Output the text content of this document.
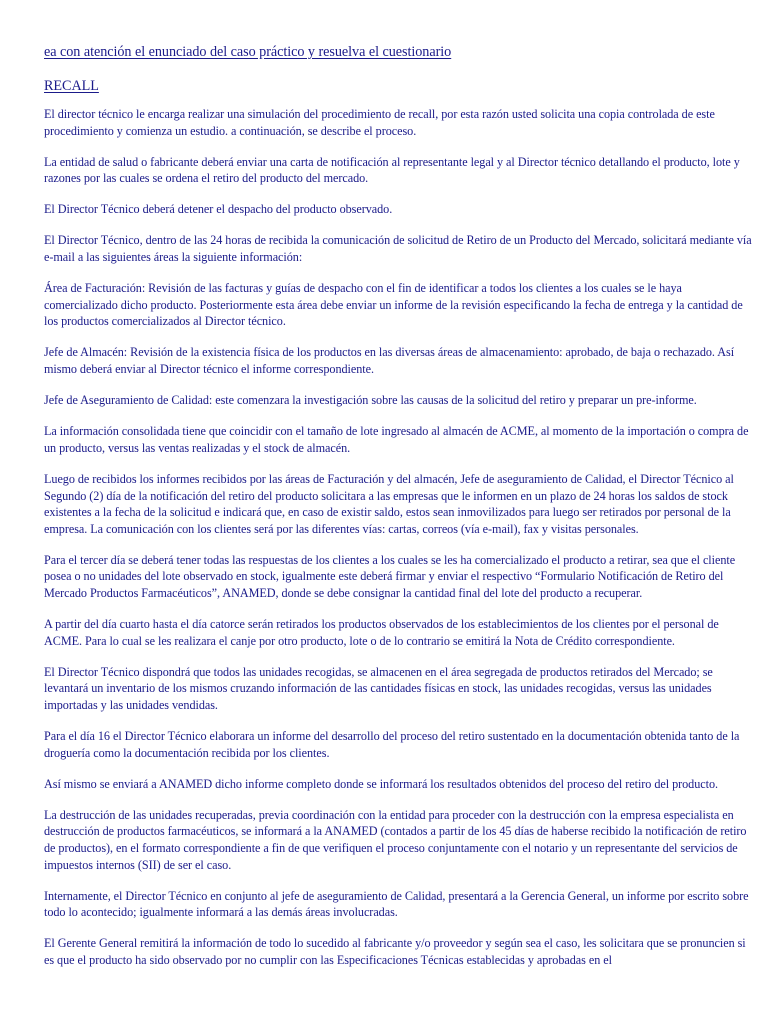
ea con atención el enunciado del caso práctico y resuelva el cuestionario
RECALL

El director técnico le encarga realizar una simulación del procedimiento de recall, por esta razón usted solicita una copia controlada de este procedimiento y comienza un estudio. a continuación, se describe el proceso.

La entidad de salud o fabricante deberá enviar una carta de notificación al representante legal y al Director técnico detallando el producto, lote y razones por las cuales se ordena el retiro del producto del mercado.

El Director Técnico deberá detener el despacho del producto observado.

El Director Técnico, dentro de las 24 horas de recibida la comunicación de solicitud de Retiro de un Producto del Mercado, solicitará mediante vía e-mail a las siguientes áreas la siguiente información:

Área de Facturación: Revisión de las facturas y guías de despacho con el fin de identificar a todos los clientes a los cuales se le haya comercializado dicho producto. Posteriormente esta área debe enviar un informe de la revisión especificando la fecha de entrega y la cantidad de los productos comercializados al Director técnico.

Jefe de Almacén: Revisión de la existencia física de los productos en las diversas áreas de almacenamiento: aprobado, de baja o rechazado. Así mismo deberá enviar al Director técnico el informe correspondiente.

Jefe de Aseguramiento de Calidad: este comenzara la investigación sobre las causas de la solicitud del retiro y preparar un pre-informe.

La información consolidada tiene que coincidir con el tamaño de lote ingresado al almacén de ACME, al momento de la importación o compra de un producto, versus las ventas realizadas y el stock de almacén.

Luego de recibidos los informes recibidos por las áreas de Facturación y del almacén, Jefe de aseguramiento de Calidad, el Director Técnico al Segundo (2) día de la notificación del retiro del producto solicitara a las empresas que le informen en un plazo de 24 horas los saldos de stock existentes a la fecha de la solicitud e indicará que, en caso de existir saldo, estos sean inmovilizados para luego ser retirados por personal de la empresa. La comunicación con los clientes será por las diferentes vías: cartas, correos (vía e-mail), fax y visitas personales.

Para el tercer día se deberá tener todas las respuestas de los clientes a los cuales se les ha comercializado el producto a retirar, sea que el cliente posea o no unidades del lote observado en stock, igualmente este deberá firmar y enviar el respectivo “Formulario Notificación de Retiro del Mercado Productos Farmacéuticos”, ANAMED, donde se debe consignar la cantidad final del lote del producto a recuperar.

A partir del día cuarto hasta el día catorce serán retirados los productos observados de los establecimientos de los clientes por el personal de ACME. Para lo cual se les realizara el canje por otro producto, lote o de lo contrario se emitirá la Nota de Crédito correspondiente.

El Director Técnico dispondrá que todos las unidades recogidas, se almacenen en el área segregada de productos retirados del Mercado; se levantará un inventario de los mismos cruzando información de las cantidades físicas en stock, las unidades recogidas, versus las unidades importadas y las unidades vendidas.

Para el día 16 el Director Técnico elaborara un informe del desarrollo del proceso del retiro sustentado en la documentación obtenida tanto de la droguería como la documentación recibida por los clientes.

Así mismo se enviará a ANAMED dicho informe completo donde se informará los resultados obtenidos del proceso del retiro del producto.

La destrucción de las unidades recuperadas, previa coordinación con la entidad para proceder con la destrucción con la empresa especialista en destrucción de productos farmacéuticos, se informará a la ANAMED (contados a partir de los 45 días de haberse recibido la notificación de retiro de productos), en el formato correspondiente a fin de que verifiquen el proceso conjuntamente con el notario y un representante del servicios de impuestos internos (SII) de ser el caso.

Internamente, el Director Técnico en conjunto al jefe de aseguramiento de Calidad, presentará a la Gerencia General, un informe por escrito sobre todo lo acontecido; igualmente informará a las demás áreas involucradas.

El Gerente General remitirá la información de todo lo sucedido al fabricante y/o proveedor y según sea el caso, les solicitara que se pronuncien si es que el producto ha sido observado por no cumplir con las Especificaciones Técnicas establecidas y aprobadas en el
